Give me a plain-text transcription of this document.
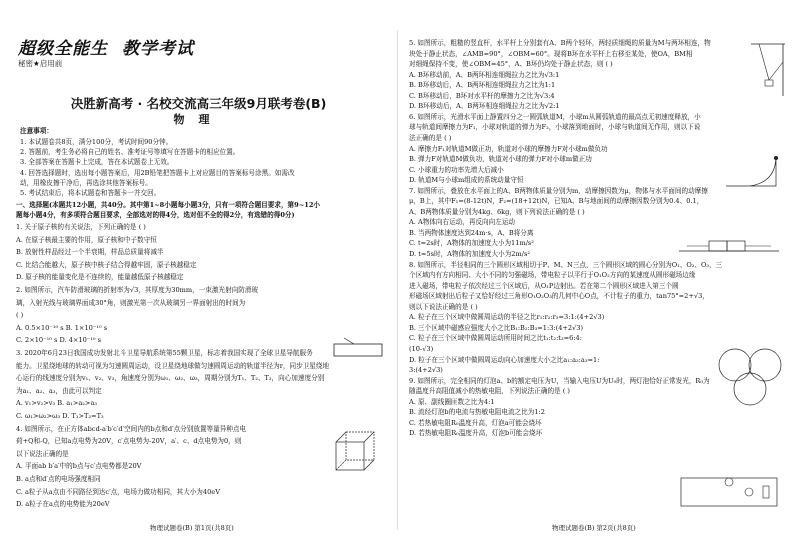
超级全能生 教学考试
秘密★启用前
决胜新高考 · 名校交流高三年级9月联考卷(B)
物理
注意事项：
1. 本试题卷共8页，满分100分，考试时间90分钟。
2. 答题前，考生务必将自己的姓名、准考证号等填写在答题卡的相应位置。
3. 全部答案在答题卡上完成，答在本试题卷上无效。
4. 回答选择题时，选出每小题答案后，用2B铅笔把答题卡上对应题目的答案标号涂黑。如需改
动，用橡皮擦干净后，再选涂其他答案标号。
5. 考试结束后，将本试题卷和答题卡一并交回。
一、选择题(本题共12小题，共40分。其中第1~8小题每小题3分，只有一项符合题目要求，第9~12小
题每小题4分，有多项符合题目要求，全部选对的得4分，选对但不全的得2分，有选错的得0分)
1. 关于原子核的有关说法，下列正确的是 ( )
A. 在原子核最主要的作用，原子核和中子数守恒
B. 放射性样品经过一个半衰期，样品总质量将减半
C. 比结合能越大，原子核中核子结合得越牢固，原子核越稳定
D. 原子核的能量变化是不连续的，能量越低原子核越稳定
2. 如图所示，汽车防滑玻璃的折射率为√3，其厚度为30mm，一束激光射向防滑玻
璃，入射光线与玻璃界面成30°角，则激光第一次从玻璃另一界面射出的时间为
( )
A. 0.5×10⁻¹⁰ s B. 1×10⁻¹⁰ s
C. 2×10⁻¹⁰ s D. 4×10⁻¹⁰ s
3. 2020年6月23日我国成功发射北斗卫星导航系统第55颗卫星，标志着我国实现了全球卫星导航服务
能力。卫星绕地球的转动可视为匀速圆周运动，设卫星绕地球做匀速圆周运动的轨道半径为r，同步卫星绕地
心运行的线速度分别为v₁、v₂、v₃，角速度分别为ω₁、ω₂、ω₃，周期分别为T₁、T₂、T₃，向心加速度分别
为a₁、a₂、a₃，由此可以判定
A. v₁>v₂>v₃ B. a₁>a₂>a₃
C. ω₁>ω₂>ω₃ D. T₁>T₂=T₃
4. 如图所示，在正方体abcd-a′b′c′d′空间内的b点和d′点分别放置等量异种点电
荷+Q和-Q，已知a点电势为20V，c′点电势为-20V，a′、c、d点电势为0，则
以下说法正确的是
A. 平面ab b′a′中的b点与c′点电势都是20V
B. a点和d′点的电场强度相同
C. a粒子从a点由不同路径到达c′点，电场力做功相同，其大小为40eV
D. a粒子在a点的电势能为20eV
物理试题卷(B) 第1页(共8页)
5. 如图所示，粗糙的竖直杆，水平杆上分别套有A、B两个轻环，两轻质细绳的质量为M与两环相连，物
块处于静止状态，∠AMB=90°，∠OBM=60°。现将B环在水平杆上右移至某处，使OA，BM相
对细绳保持不变，使∠OBM=45°，A、B环仍均处于静止状态，则 ( )
A. B环移动前，A、B两环相连细绳拉力之比为√3:1
B. B环移动后，A、B两环相连细绳拉力之比为1:1
C. B环移动后，B环对水平杆的摩擦力之比为√3:4
D. B环移动后，A、B两环相连细绳拉力之比为√2:1
6. 如图所示，光滑水平面上静置四分之一圆弧轨道M，小球m从圆弧轨道的最高点无初速度释放，小
球与轨道间摩擦力为F₁，小球对轨道的弹力为F₂，小球落到地面时，小球与轨道间无作用，则以下说
法正确的是 ( )
A. 摩擦力F₁对轨道M做正功，轨道对小球的摩擦力F对小球m做负功
B. 弹力F对轨道M做负功，轨道对小球的弹力F对小球m做正功
C. 小球重力的功率先增大后减小
D. 轨道M与小球m组成的系统动量守恒
7. 如图所示，叠放在水平面上的A、B两物体质量分别为m，动摩擦因数为μ，物体与水平面间的动摩擦
μ，B上，其中F₁=(8-12t)N，F₂=(18+12t)N，已知A、B与地面间的动摩擦因数分别为0.4、0.1，
A、B两物体质量分别为4kg、6kg，则下列说法正确的是 ( )
A. A物体向右运动，再反向向左运动
B. 当两物体速度达到24m·s，A、B将分离
C. t=2s时，A物体的加速度大小为11m/s²
D. t=5s时，A物体的加速度大小为2m/s²
8. 如图所示，半径相同的三个圆形区域相切于P、M、N三点，三个圆形区域的圆心分别为O₁、O₂、O₃，三
个区域内有方向相同、大小不同的匀强磁场，带电粒子以平行于O₁O₂方向的某速度从圆形磁场边缘
进入磁场，带电粒子依次经过三个区域后，从O₁P边射出。若在第二个圆形区域进入第三个圆
形磁场区域射出后粒子又恰好经过三角形O₁O₂O₃的几何中心O点，不计粒子的重力，tan75°=2+√3，
则以下说法正确的是 ( )
A. 粒子在三个区域中做圆周运动的半径之比r₁:r₂:r₃=3:1:(4+2√3)
B. 三个区域中磁感应强度大小之比B₁:B₂:B₃=1:3:(4+2√3)
C. 粒子在三个区域中做圆周运动所用时间之比t₁:t₂:t₃=6:4:
(10-√3)
D. 粒子在三个区域中做圆周运动向心加速度大小之比a₁:a₂:a₃=1:
3:(4+2√3)
9. 如图所示，完全相同的灯泡a、b的额定电压为U，当输入电压U为U₀时，两灯泡恰好正常发光，R₀为
随温度升高阻值减小的热敏电阻，下列说法正确的是 ( )
A. 原、副线圈匝数之比为4:1
B. 流经灯泡b的电流与热敏电阻电流之比为1:2
C. 若热敏电阻R₀温度升高，灯泡a可能会烧坏
D. 若热敏电阻R₀温度升高，灯泡b可能会烧坏
物理试题卷(B) 第2页(共8页)
